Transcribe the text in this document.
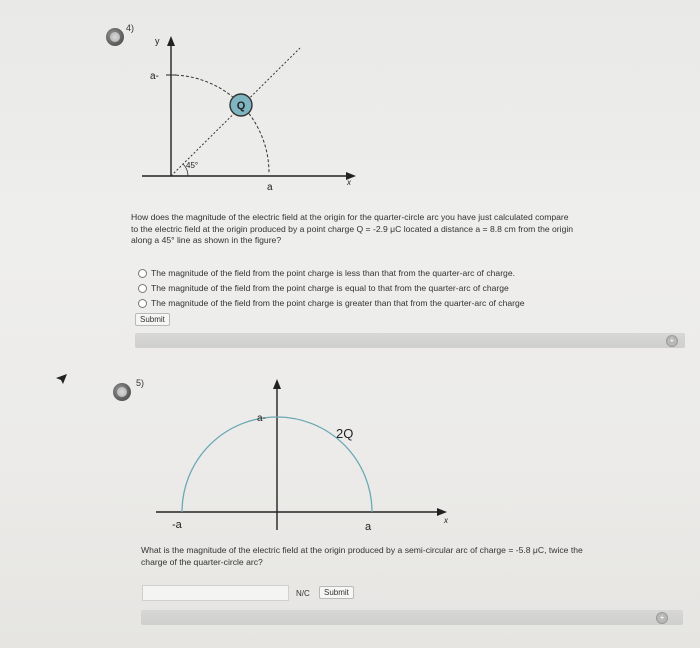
4)
Q
y
a-
45°
a	x
How does the magnitude of the electric field at the origin for the quarter-circle arc you have just calculated compare
to the electric field at the origin produced by a point charge Q = -2.9 μC located a distance a = 8.8 cm from the origin
along a 45° line as shown in the figure?
The magnitude of the field from the point charge is less than that from the quarter-arc of charge.
The magnitude of the field from the point charge is equal to that from the quarter-arc of charge
The magnitude of the field from the point charge is greater than that from the quarter-arc of charge
Submit
+
5)
a-
2Q
-a	a
x
What is the magnitude of the electric field at the origin produced by a semi-circular arc of charge = -5.8 μC, twice the
charge of the quarter-circle arc?
N/C	Submit
+
